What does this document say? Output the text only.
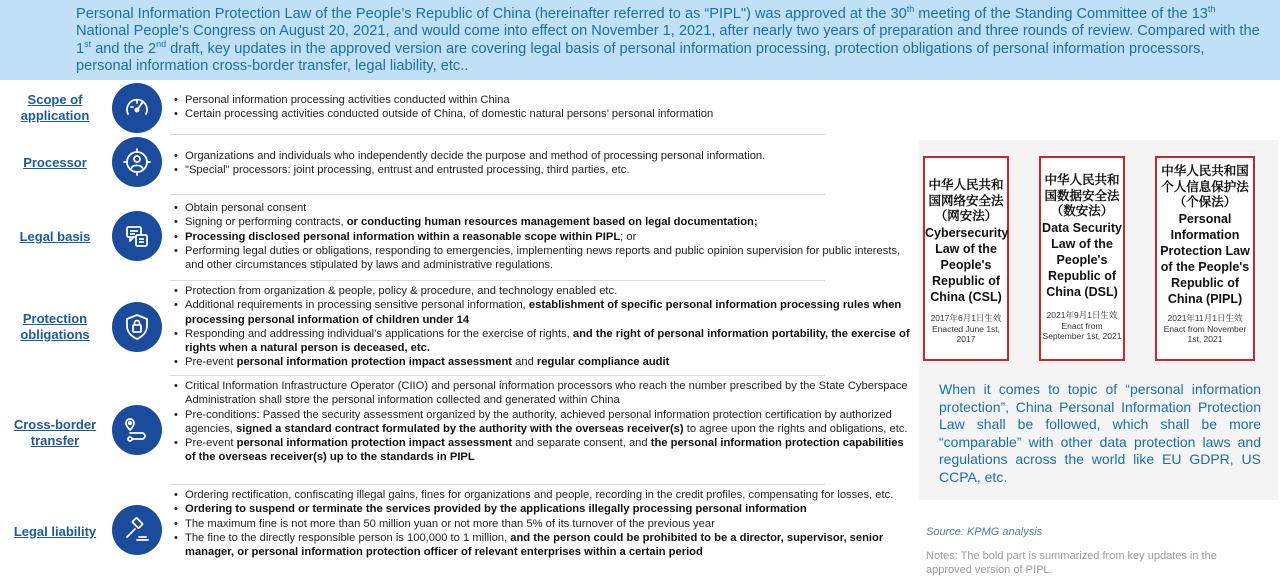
Personal Information Protection Law of the People’s Republic of China (hereinafter referred to as “PIPL") was approved at the 30th meeting of the Standing Committee of the 13th National People's Congress on August 20, 2021, and would come into effect on November 1, 2021, after nearly two years of preparation and three rounds of review. Compared with the 1st and the 2nd draft, key updates in the approved version are covering legal basis of personal information processing, protection obligations of personal information processors, personal information cross-border transfer, legal liability, etc..
Scope of application
• Personal information processing activities conducted within China
• Certain processing activities conducted outside of China, of domestic natural persons’ personal information
Processor
•	Organizations and individuals who independently decide the purpose and method of processing personal information.
• "Special" processors: joint processing, entrust and entrusted processing, third parties, etc.
Legal basis
• Obtain personal consent
• Signing or performing contracts, or conducting human resources management based on legal documentation;
• Processing disclosed personal information within a reasonable scope within PIPL; or
• Performing legal duties or obligations, responding to emergencies, implementing news reports and public opinion supervision for public interests, and other circumstances stipulated by laws and administrative regulations.
Protection obligations
• Protection from organization & people, policy & procedure, and technology enabled etc.
• Additional requirements in processing sensitive personal information, establishment of specific personal information processing rules when processing personal information of children under 14
• Responding and addressing individual’s applications for the exercise of rights, and the right of personal information portability, the exercise of rights when a natural person is deceased, etc.
• Pre-event personal information protection impact assessment and regular compliance audit
Cross-border transfer
• Critical Information Infrastructure Operator (CIIO) and personal information processors who reach the number prescribed by the State Cyberspace Administration shall store the personal information collected and generated within China
• Pre-conditions: Passed the security assessment organized by the authority, achieved personal information protection certification by authorized agencies, signed a standard contract formulated by the authority with the overseas receiver(s) to agree upon the rights and obligations, etc.
• Pre-event personal information protection impact assessment and separate consent, and the personal information protection capabilities of the overseas receiver(s) up to the standards in PIPL
Legal liability
• Ordering rectification, confiscating illegal gains, fines for organizations and people, recording in the credit profiles, compensating for losses, etc.
• Ordering to suspend or terminate the services provided by the applications illegally processing personal information
• The maximum fine is not more than 50 million yuan or not more than 5% of its turnover of the previous year
• The fine to the directly responsible person is 100,000 to 1 million, and the person could be prohibited to be a director, supervisor, senior manager, or personal information protection officer of relevant enterprises within a certain period
中华人民共和国网络安全法（网安法）
Cybersecurity Law of the People's Republic of China (CSL)
2017年6月1日生效
Enacted June 1st, 2017
中华人民共和国数据安全法（数安法）
Data Security Law of the People's Republic of China (DSL)
2021年9月1日生效
Enact from September 1st, 2021
中华人民共和国个人信息保护法（个保法）
Personal Information Protection Law of the People's Republic of China (PIPL)
2021年11月1日生效
Enact from November 1st, 2021
When it comes to topic of “personal information protection”, China Personal Information Protection Law shall be followed, which shall be more “comparable” with other data protection laws and regulations across the world like EU GDPR, US CCPA, etc.
Source: KPMG analysis
Notes: The bold part is summarized from key updates in the approved version of PIPL.
